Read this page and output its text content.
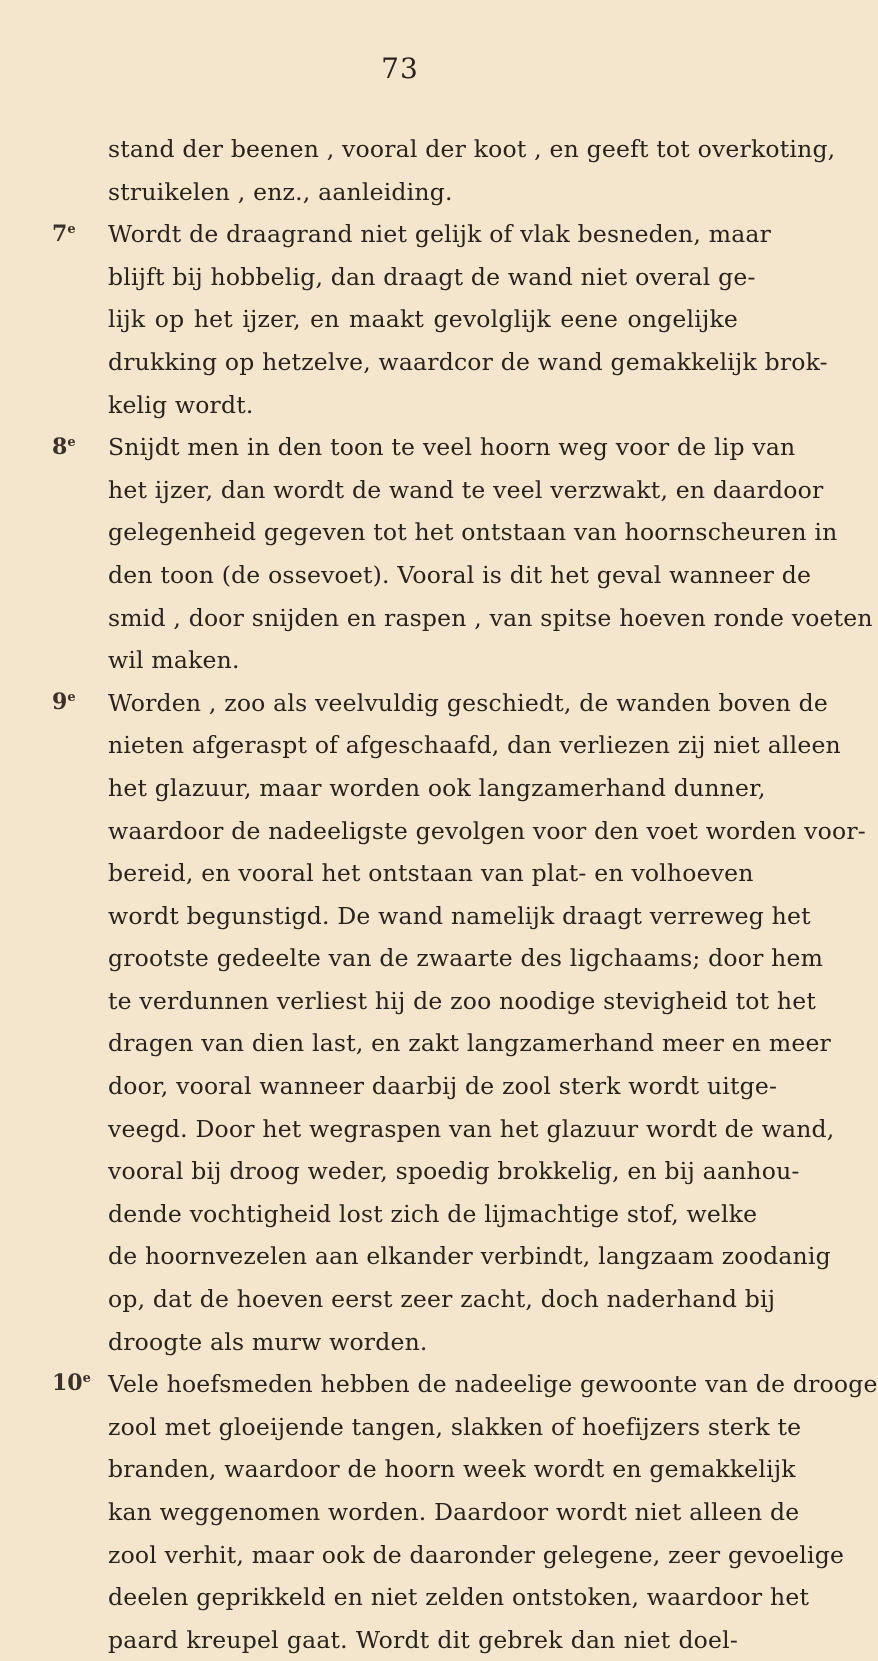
73
7e
8e
9e
10e
stand der beenen , vooral der koot , en geeft tot overkoting,
struikelen , enz., aanleiding.
Wordt de draagrand niet gelijk of vlak besneden, maar
blijft bij hobbelig, dan draagt de wand niet overal ge-
lijk op het ijzer, en maakt gevolglijk eene ongelijke
drukking op hetzelve, waardcor de wand gemakkelijk brok-
kelig wordt.
Snijdt men in den toon te veel hoorn weg voor de lip van
het ijzer, dan wordt de wand te veel verzwakt, en daardoor
gelegenheid gegeven tot het ontstaan van hoornscheuren in
den toon (de ossevoet). Vooral is dit het geval wanneer de
smid , door snijden en raspen , van spitse hoeven ronde voeten
wil maken.
Worden , zoo als veelvuldig geschiedt, de wanden boven de
nieten afgeraspt of afgeschaafd, dan verliezen zij niet alleen
het glazuur, maar worden ook langzamerhand dunner,
waardoor de nadeeligste gevolgen voor den voet worden voor-
bereid, en vooral het ontstaan van plat- en volhoeven
wordt begunstigd. De wand namelijk draagt verreweg het
grootste gedeelte van de zwaarte des ligchaams; door hem
te verdunnen verliest hij de zoo noodige stevigheid tot het
dragen van dien last, en zakt langzamerhand meer en meer
door, vooral wanneer daarbij de zool sterk wordt uitge-
veegd. Door het wegraspen van het glazuur wordt de wand,
vooral bij droog weder, spoedig brokkelig, en bij aanhou-
dende vochtigheid lost zich de lijmachtige stof, welke
de hoornvezelen aan elkander verbindt, langzaam zoodanig
op, dat de hoeven eerst zeer zacht, doch naderhand bij
droogte als murw worden.
Vele hoefsmeden hebben de nadeelige gewoonte van de drooge
zool met gloeijende tangen, slakken of hoefijzers sterk te
branden, waardoor de hoorn week wordt en gemakkelijk
kan weggenomen worden. Daardoor wordt niet alleen de
zool verhit, maar ook de daaronder gelegene, zeer gevoelige
deelen geprikkeld en niet zelden ontstoken, waardoor het
paard kreupel gaat. Wordt dit gebrek dan niet doel-
